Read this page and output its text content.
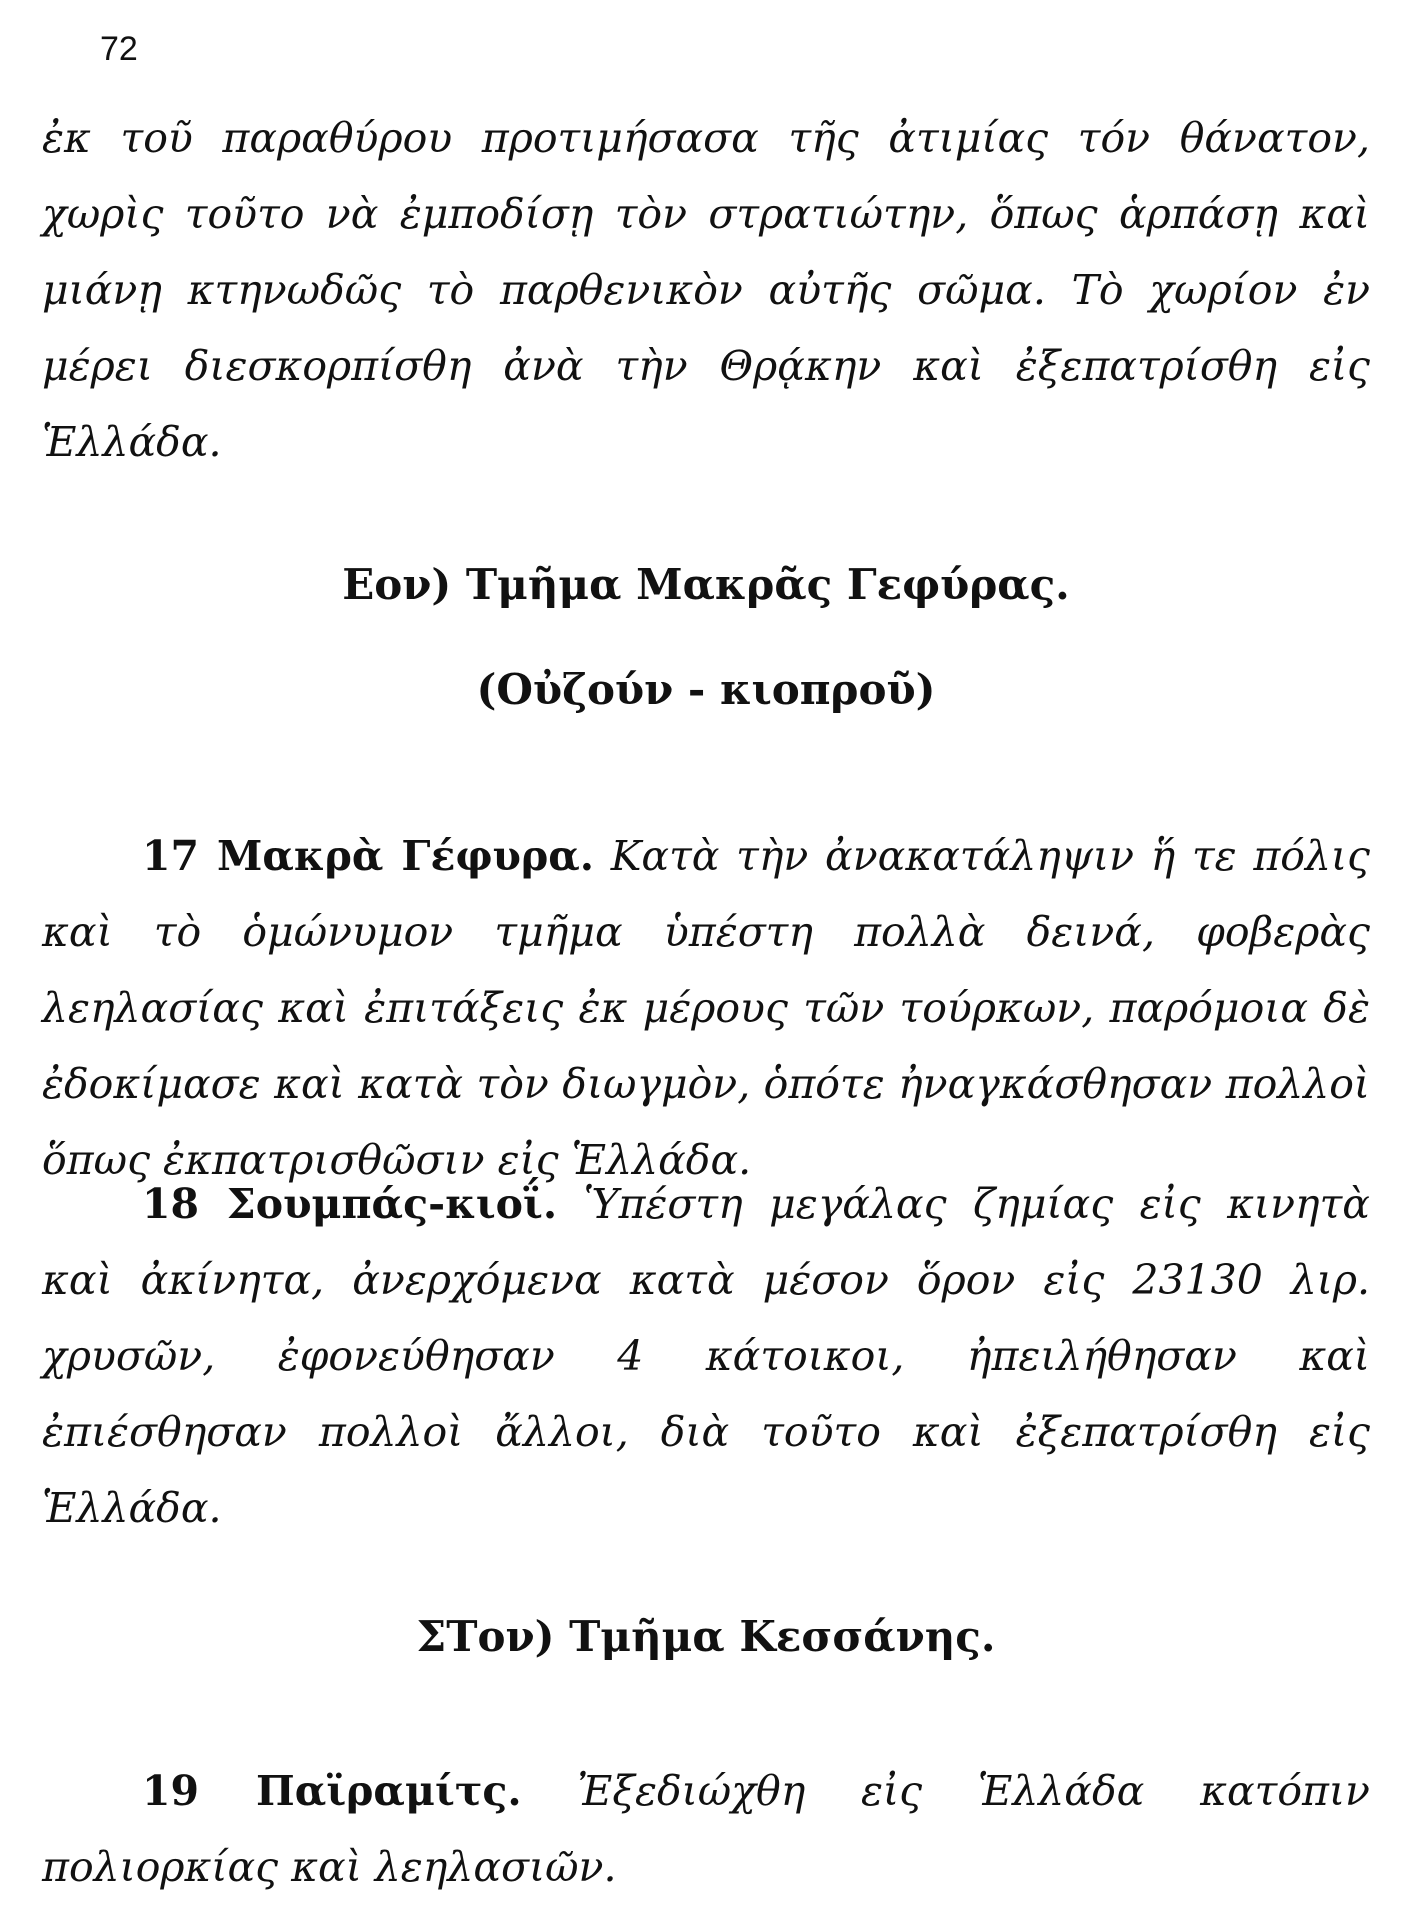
72

ἐκ τοῦ παραθύρου προτιμήσασα τῆς ἀτιμίας τόν θάνατον, χωρὶς τοῦτο νὰ ἐμποδίσῃ τὸν στρατιώτην, ὅπως ἁρπάσῃ καὶ μιάνῃ κτηνωδῶς τὸ παρθενικὸν αὐτῆς σῶμα. Τὸ χωρίον ἐν μέρει διεσκορπίσθη ἀνὰ τὴν Θρᾴκην καὶ ἐξεπατρίσθη εἰς Ἑλλάδα.

Εον) Τμῆμα Μακρᾶς Γεφύρας.
(Οὐζούν - κιοπροῦ)

17 Μακρὰ Γέφυρα. Κατὰ τὴν ἀνακατάληψιν ἥ τε πόλις καὶ τὸ ὁμώνυμον τμῆμα ὑπέστη πολλὰ δεινά, φοβερὰς λεηλασίας καὶ ἐπιτάξεις ἐκ μέρους τῶν τούρκων, παρόμοια δὲ ἐδοκίμασε καὶ κατὰ τὸν διωγμὸν, ὁπότε ἠναγκάσθησαν πολλοὶ ὅπως ἐκπατρισθῶσιν εἰς Ἑλλάδα.

18 Σουμπάς-κιοΐ. Ὑπέστη μεγάλας ζημίας εἰς κινητὰ καὶ ἀκίνητα, ἀνερχόμενα κατὰ μέσον ὅρον εἰς 23130 λιρ. χρυσῶν, ἐφονεύθησαν 4 κάτοικοι, ἠπειλήθησαν καὶ ἐπιέσθησαν πολλοὶ ἄλλοι, διὰ τοῦτο καὶ ἐξεπατρίσθη εἰς Ἑλλάδα.

ΣΤον) Τμῆμα Κεσσάνης.

19 Παϊραμίτς. Ἐξεδιώχθη εἰς Ἑλλάδα κατόπιν πολιορκίας καὶ λεηλασιῶν.
